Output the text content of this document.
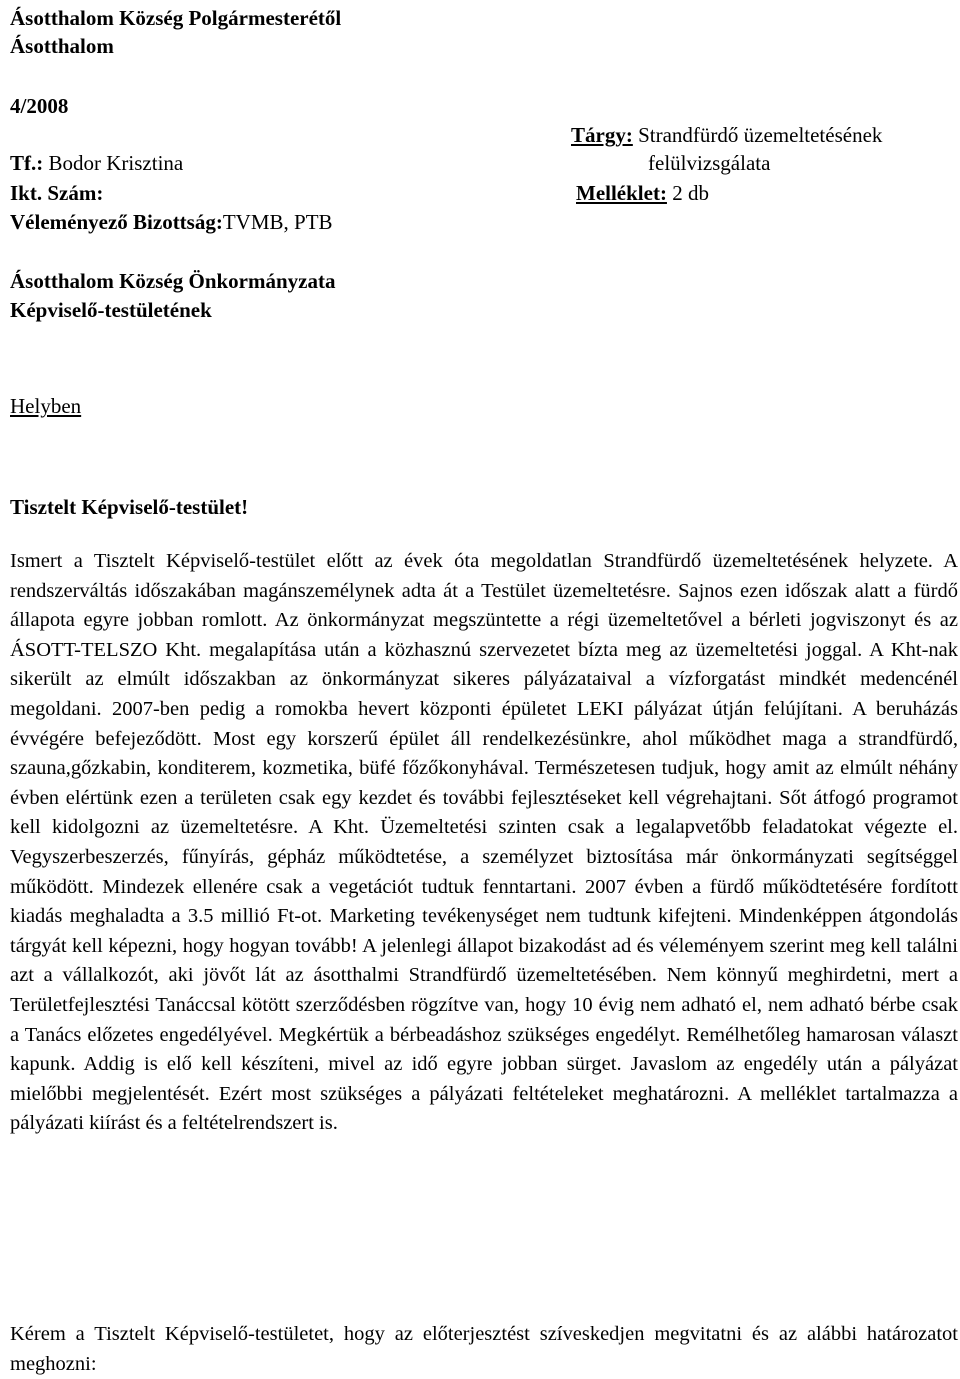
Ásotthalom Község Polgármesterétől
Ásotthalom
4/2008
Tf.: Bodor Krisztina
Ikt. Szám:
Véleményező Bizottság:TVMB, PTB
Tárgy: Strandfürdő üzemeltetésének
felülvizsgálata
Melléklet: 2 db
Ásotthalom Község Önkormányzata
Képviselő-testületének
Helyben
Tisztelt Képviselő-testület!
Ismert a Tisztelt Képviselő-testület előtt az évek óta megoldatlan Strandfürdő üzemeltetésének helyzete. A rendszerváltás időszakában magánszemélynek adta át a Testület üzemeltetésre. Sajnos ezen időszak alatt a fürdő állapota egyre jobban romlott. Az önkormányzat megszüntette a régi üzemeltetővel a bérleti jogviszonyt és az ÁSOTT-TELSZO Kht. megalapítása után a közhasznú szervezetet bízta meg az üzemeltetési joggal. A Kht-nak sikerült az elmúlt időszakban az önkormányzat sikeres pályázataival a vízforgatást mindkét medencénél megoldani. 2007-ben pedig a romokba hevert központi épületet LEKI pályázat útján felújítani. A beruházás évvégére befejeződött. Most egy korszerű épület áll rendelkezésünkre, ahol működhet maga a strandfürdő, szauna,gőzkabin, konditerem, kozmetika, büfé főzőkonyhával. Természetesen tudjuk, hogy amit az elmúlt néhány évben elértünk ezen a területen csak egy kezdet és további fejlesztéseket kell végrehajtani. Sőt átfogó programot kell kidolgozni az üzemeltetésre. A Kht. Üzemeltetési szinten csak a legalapvetőbb feladatokat végezte el. Vegyszerbeszerzés, fűnyírás, gépház működtetése, a személyzet biztosítása már önkormányzati segítséggel működött. Mindezek ellenére csak a vegetációt tudtuk fenntartani. 2007 évben a fürdő működtetésére fordított kiadás meghaladta a 3.5 millió Ft-ot. Marketing tevékenységet nem tudtunk kifejteni. Mindenképpen átgondolás tárgyát kell képezni, hogy hogyan tovább! A jelenlegi állapot bizakodást ad és véleményem szerint meg kell találni azt a vállalkozót, aki jövőt lát az ásotthalmi Strandfürdő üzemeltetésében. Nem könnyű meghirdetni, mert a Területfejlesztési Tanáccsal kötött szerződésben rögzítve van, hogy 10 évig nem adható el, nem adható bérbe csak a Tanács előzetes engedélyével. Megkértük a bérbeadáshoz szükséges engedélyt. Remélhetőleg hamarosan választ kapunk. Addig is elő kell készíteni, mivel az idő egyre jobban sürget. Javaslom az engedély után a pályázat mielőbbi megjelentését. Ezért most szükséges a pályázati feltételeket meghatározni. A melléklet tartalmazza a pályázati kiírást és a feltételrendszert is.
Kérem a Tisztelt Képviselő-testületet, hogy az előterjesztést szíveskedjen megvitatni és az alábbi határozatot meghozni:
